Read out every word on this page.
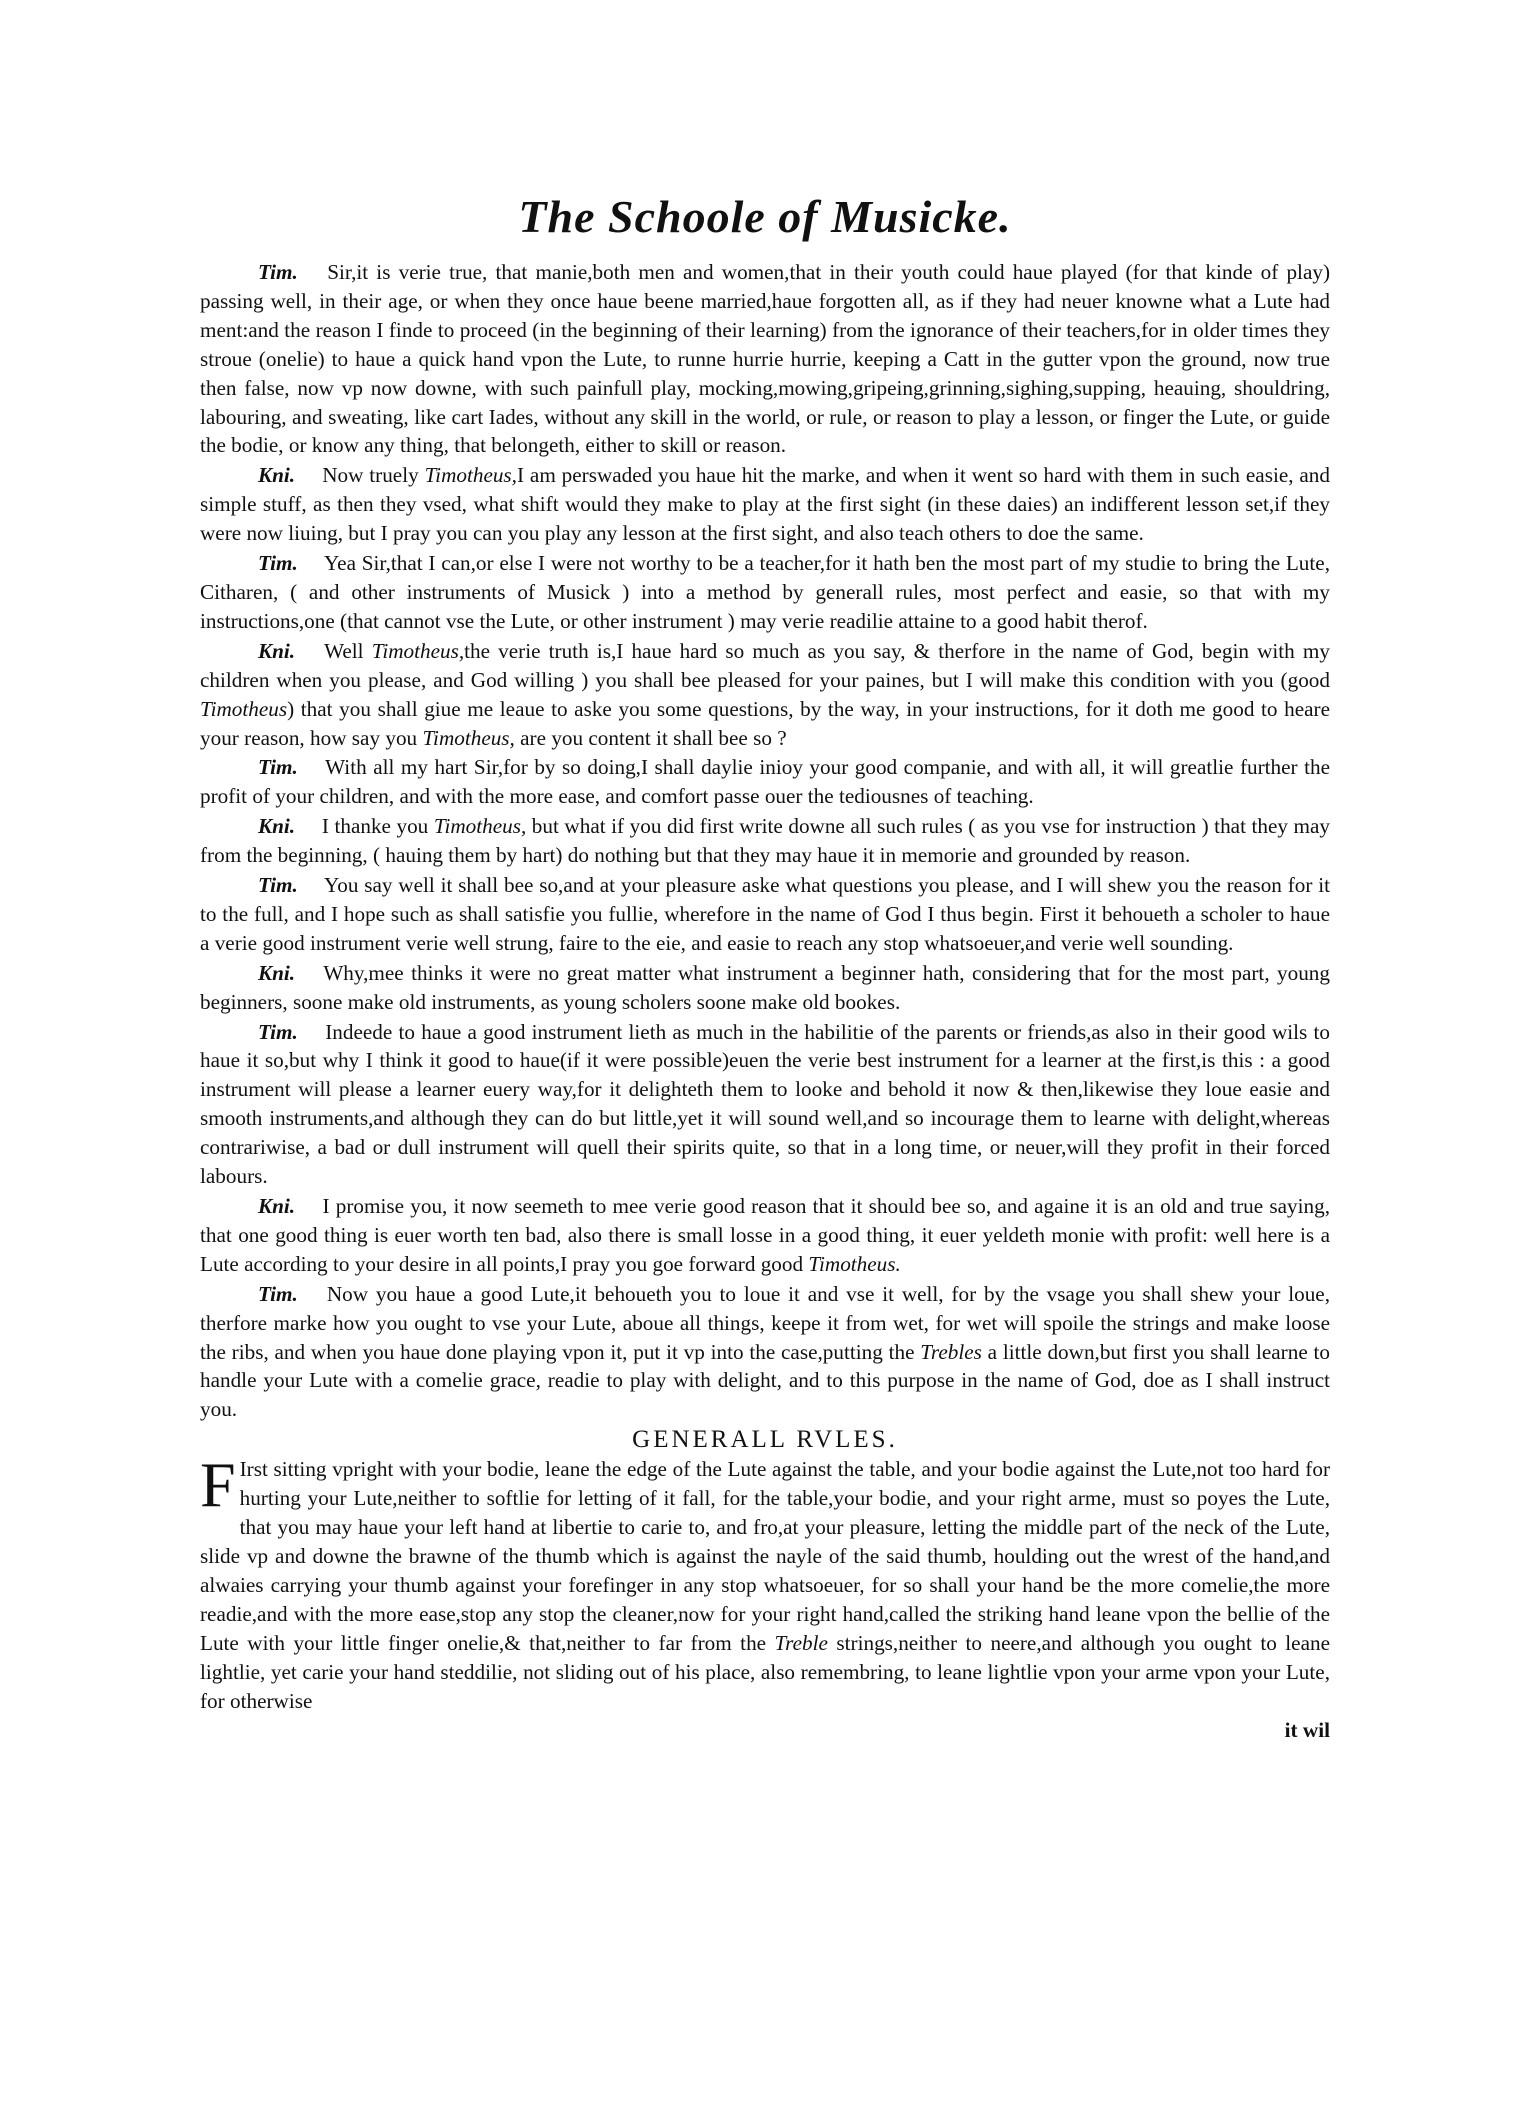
The Schoole of Musicke.

Tim.  Sir,it is verie true, that manie,both men and women,that in their youth could haue played (for that kinde of play) passing well, in their age, or when they once haue beene married,haue forgotten all, as if they had neuer knowne what a Lute had ment:and the reason I finde to proceed (in the beginning of their learning) from the ignorance of their teachers,for in older times they stroue (onelie) to haue a quick hand vpon the Lute, to runne hurrie hurrie, keeping a Catt in the gutter vpon the ground, now true then false, now vp now downe, with such painfull play, mocking,mowing,gripeing,grinning,sighing,supping, heauing, shouldring, labouring, and sweating, like cart Iades, without any skill in the world, or rule, or reason to play a lesson, or finger the Lute, or guide the bodie, or know any thing, that belongeth, either to skill or reason.

Kni.  Now truely Timotheus,I am perswaded you haue hit the marke, and when it went so hard with them in such easie, and simple stuff, as then they vsed, what shift would they make to play at the first sight (in these daies) an indifferent lesson set,if they were now liuing, but I pray you can you play any lesson at the first sight, and also teach others to doe the same.

Tim.  Yea Sir,that I can,or else I were not worthy to be a teacher,for it hath ben the most part of my studie to bring the Lute, Citharen, ( and other instruments of Musick ) into a method by generall rules, most perfect and easie, so that with my instructions,one (that cannot vse the Lute, or other instrument ) may verie readilie attaine to a good habit therof.

Kni.  Well Timotheus,the verie truth is,I haue hard so much as you say, & therfore in the name of God, begin with my children when you please, and God willing ) you shall bee pleased for your paines, but I will make this condition with you (good Timotheus) that you shall giue me leaue to aske you some questions, by the way, in your instructions, for it doth me good to heare your reason, how say you Timotheus, are you content it shall bee so ?

Tim.  With all my hart Sir,for by so doing,I shall daylie inioy your good companie, and with all, it will greatlie further the profit of your children, and with the more ease, and comfort passe ouer the tediousnes of teaching.

Kni.  I thanke you Timotheus, but what if you did first write downe all such rules ( as you vse for instruction ) that they may from the beginning, ( hauing them by hart) do nothing but that they may haue it in memorie and grounded by reason.

Tim.  You say well it shall bee so,and at your pleasure aske what questions you please, and I will shew you the reason for it to the full, and I hope such as shall satisfie you fullie, wherefore in the name of God I thus begin. First it behoueth a scholer to haue a verie good instrument verie well strung, faire to the eie, and easie to reach any stop whatsoeuer,and verie well sounding.

Kni.  Why,mee thinks it were no great matter what instrument a beginner hath, considering that for the most part, young beginners, soone make old instruments, as young scholers soone make old bookes.

Tim.  Indeede to haue a good instrument lieth as much in the habilitie of the parents or friends,as also in their good wils to haue it so,but why I think it good to haue(if it were possible)euen the verie best instrument for a learner at the first,is this : a good instrument will please a learner euery way,for it delighteth them to looke and behold it now & then,likewise they loue easie and smooth instruments,and although they can do but little,yet it will sound well,and so incourage them to learne with delight,whereas contrariwise, a bad or dull instrument will quell their spirits quite, so that in a long time, or neuer,will they profit in their forced labours.

Kni.  I promise you, it now seemeth to mee verie good reason that it should bee so, and againe it is an old and true saying, that one good thing is euer worth ten bad, also there is small losse in a good thing, it euer yeldeth monie with profit: well here is a Lute according to your desire in all points,I pray you goe forward good Timotheus.

Tim.  Now you haue a good Lute,it behoueth you to loue it and vse it well, for by the vsage you shall shew your loue, therfore marke how you ought to vse your Lute, aboue all things, keepe it from wet, for wet will spoile the strings and make loose the ribs, and when you haue done playing vpon it, put it vp into the case,putting the Trebles a little down,but first you shall learne to handle your Lute with a comelie grace, readie to play with delight, and to this purpose in the name of God, doe as I shall instruct you.

GENERALL RVLES.

F Irst sitting vpright with your bodie, leane the edge of the Lute against the table, and your bodie against the Lute,not too hard for hurting your Lute,neither to softlie for letting of it fall, for the table,your bodie, and your right arme, must so poyes the Lute, that you may haue your left hand at libertie to carie to, and fro,at your pleasure, letting the middle part of the neck of the Lute, slide vp and downe the brawne of the thumb which is against the nayle of the said thumb, houlding out the wrest of the hand,and alwaies carrying your thumb against your forefinger in any stop whatsoeuer, for so shall your hand be the more comelie,the more readie,and with the more ease,stop any stop the cleaner,now for your right hand,called the striking hand leane vpon the bellie of the Lute with your little finger onelie,& that,neither to far from the Treble strings,neither to neere,and although you ought to leane lightlie, yet carie your hand steddilie, not sliding out of his place, also remembring, to leane lightlie vpon your arme vpon your Lute, for otherwise

it wil
